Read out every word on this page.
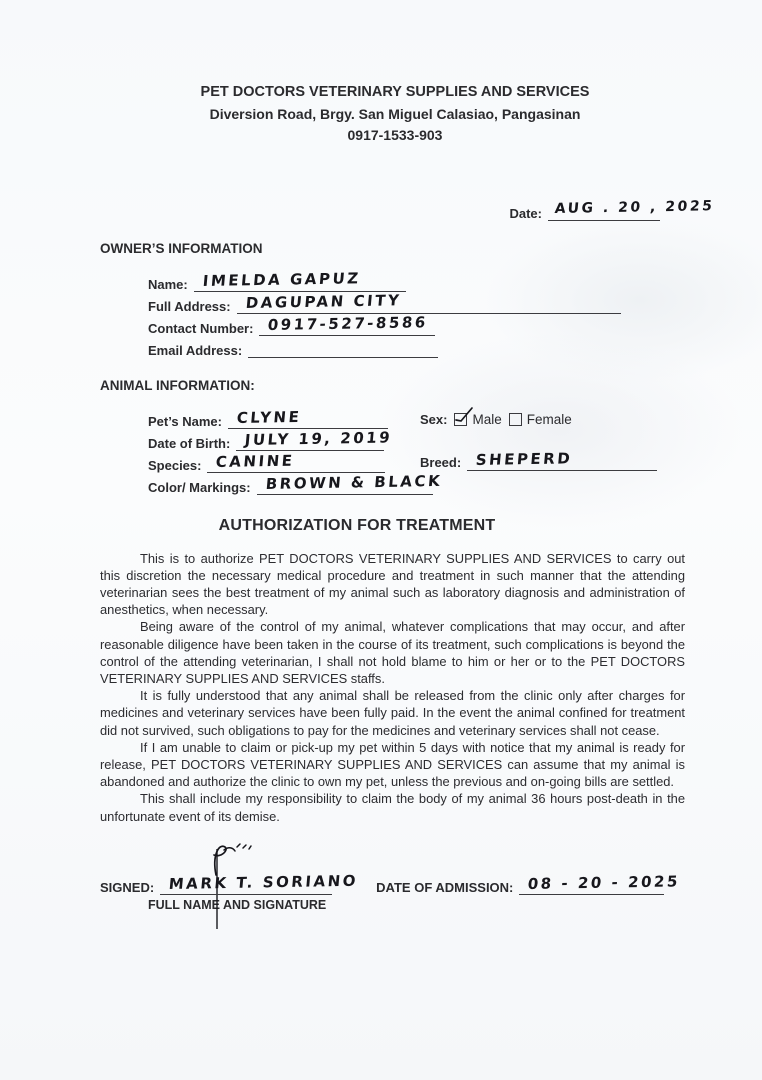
PET DOCTORS VETERINARY SUPPLIES AND SERVICES
Diversion Road, Brgy. San Miguel Calasiao, Pangasinan
0917-1533-903
Date: AUG . 20 , 2025
OWNER’S INFORMATION
Name: IMELDA GAPUZ
Full Address: DAGUPAN CITY
Contact Number: 0917-527-8586
Email Address:
ANIMAL INFORMATION:
Pet’s Name: CLYNE	Sex: Male Female
Date of Birth: JULY 19, 2019
Species: CANINE	Breed: SHEPERD
Color/ Markings: BROWN & BLACK
AUTHORIZATION FOR TREATMENT

This is to authorize PET DOCTORS VETERINARY SUPPLIES AND SERVICES to carry out this discretion the necessary medical procedure and treatment in such manner that the attending veterinarian sees the best treatment of my animal such as laboratory diagnosis and administration of anesthetics, when necessary.

Being aware of the control of my animal, whatever complications that may occur, and after reasonable diligence have been taken in the course of its treatment, such complications is beyond the control of the attending veterinarian, I shall not hold blame to him or her or to the PET DOCTORS VETERINARY SUPPLIES AND SERVICES staffs.

It is fully understood that any animal shall be released from the clinic only after charges for medicines and veterinary services have been fully paid. In the event the animal confined for treatment did not survived, such obligations to pay for the medicines and veterinary services shall not cease.

If I am unable to claim or pick-up my pet within 5 days with notice that my animal is ready for release, PET DOCTORS VETERINARY SUPPLIES AND SERVICES can assume that my animal is abandoned and authorize the clinic to own my pet, unless the previous and on-going bills are settled.

This shall include my responsibility to claim the body of my animal 36 hours post-death in the unfortunate event of its demise.

SIGNED: MARK T. SORIANO DATE OF ADMISSION: 08 - 20 - 2025
FULL NAME AND SIGNATURE
